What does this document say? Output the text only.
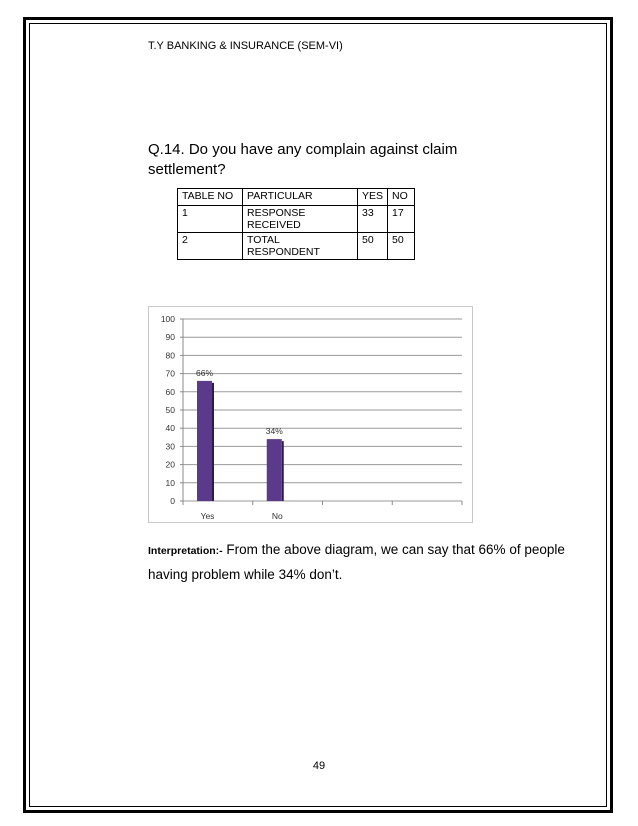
T.Y BANKING & INSURANCE (SEM-VI)
Q.14. Do you have any complain against claim settlement?
TABLE NO	PARTICULAR	YES	NO
1	RESPONSE RECEIVED	33	17
2	TOTAL RESPONDENT	50	50
0
10
20
30
40
50
60
70
80
90
100
66%
Yes
34%
No
Interpretation:- From the above diagram, we can say that 66% of people having problem while 34% don’t.
49
